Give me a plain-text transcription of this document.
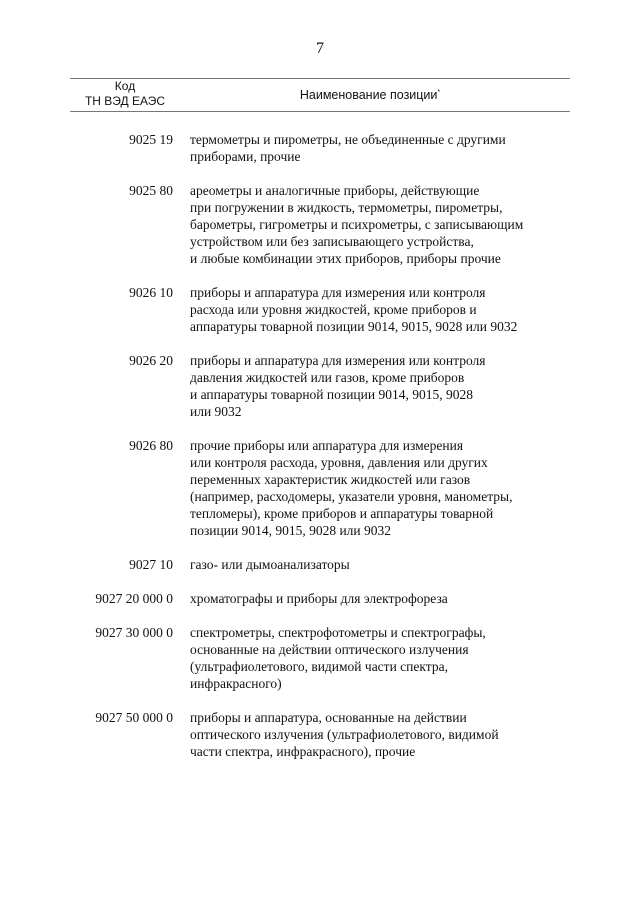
7
Код
ТН ВЭД ЕАЭС	Наименование позиции*
9025 19 термометры и пирометры, не объединенные с другими
приборами, прочие
9025 80 ареометры и аналогичные приборы, действующие
при погружении в жидкость, термометры, пирометры,
барометры, гигрометры и психрометры, с записывающим
устройством или без записывающего устройства,
и любые комбинации этих приборов, приборы прочие
9026 10 приборы и аппаратура для измерения или контроля
расхода или уровня жидкостей, кроме приборов и
аппаратуры товарной позиции 9014, 9015, 9028 или 9032
9026 20 приборы и аппаратура для измерения или контроля
давления жидкостей или газов, кроме приборов
и аппаратуры товарной позиции 9014, 9015, 9028
или 9032
9026 80 прочие приборы или аппаратура для измерения
или контроля расхода, уровня, давления или других
переменных характеристик жидкостей или газов
(например, расходомеры, указатели уровня, манометры,
тепломеры), кроме приборов и аппаратуры товарной
позиции 9014, 9015, 9028 или 9032
9027 10 газо- или дымоанализаторы
9027 20 000 0 хроматографы и приборы для электрофореза
9027 30 000 0 спектрометры, спектрофотометры и спектрографы,
основанные на действии оптического излучения
(ультрафиолетового, видимой части спектра,
инфракрасного)
9027 50 000 0 приборы и аппаратура, основанные на действии
оптического излучения (ультрафиолетового, видимой
части спектра, инфракрасного), прочие
